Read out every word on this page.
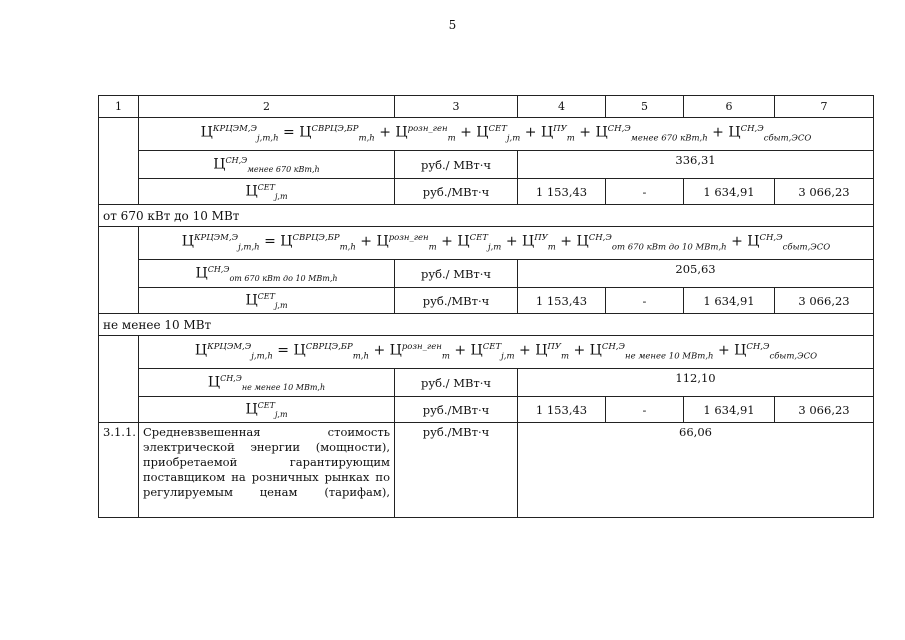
5
1	2	3	4	5	6	7
	$Ц^{КРЦЭМ,Э}_{j,m,h} = Ц^{СВРЦЭ,БР}_{m,h} + Ц^{розн\_ген}_m + Ц^{СЕТ}_{j,m} + Ц^{ПУ}_m + Ц^{СН,Э}_{менее 670 кВт,h} + Ц^{СН,Э}_{сбыт,ЭСО}$
	$Ц^{СН,Э}_{менее 670 кВт,h}$	руб./ МВт·ч	336,31			
	$Ц^{СЕТ}_{j,m}$	руб./МВт·ч	1 153,43	-	1 634,91	3 066,23
от 670 кВт до 10 МВт						
	$Ц^{КРЦЭМ,Э}_{j,m,h} = Ц^{СВРЦЭ,БР}_{m,h} + Ц^{розн\_ген}_m + Ц^{СЕТ}_{j,m} + Ц^{ПУ}_m + Ц^{СН,Э}_{от 670 кВт до 10 МВт,h} + Ц^{СН,Э}_{сбыт,ЭСО}$
	$Ц^{СН,Э}_{от 670 кВт до 10 МВт,h}$	руб./ МВт·ч	205,63			
	$Ц^{СЕТ}_{j,m}$	руб./МВт·ч	1 153,43	-	1 634,91	3 066,23
не менее 10 МВт						
	$Ц^{КРЦЭМ,Э}_{j,m,h} = Ц^{СВРЦЭ,БР}_{m,h} + Ц^{розн\_ген}_m + Ц^{СЕТ}_{j,m} + Ц^{ПУ}_m + Ц^{СН,Э}_{не менее 10 МВт,h} + Ц^{СН,Э}_{сбыт,ЭСО}$
	$Ц^{СН,Э}_{не менее 10 МВт,h}$	руб./ МВт·ч	112,10			
	$Ц^{СЕТ}_{j,m}$	руб./МВт·ч	1 153,43	-	1 634,91	3 066,23
3.1.1.	Средневзвешенная стоимость электрической энергии (мощности), приобретаемой гарантирующим поставщиком на розничных рынках по регулируемым ценам (тарифам),	руб./МВт·ч	66,06			
